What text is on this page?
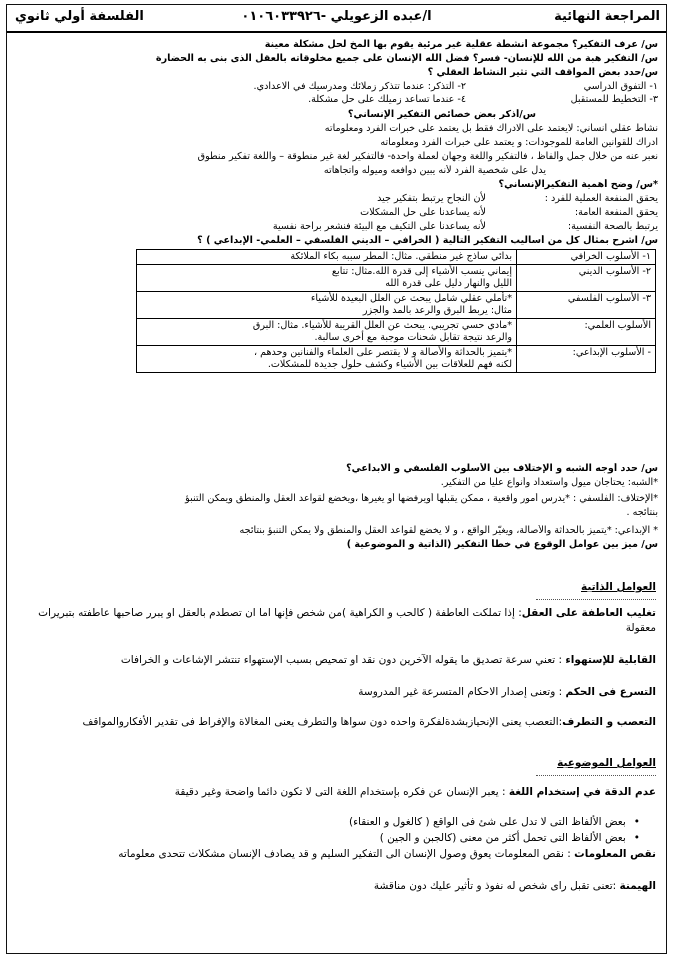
المراجعة النهائية
ا/عبده الزعويلي -٠١٠٦٠٣٣٩٢٦
الفلسفة أولي ثانوي
س/ عرف التفكير؟ مجموعة أنشطة عقلية غير مرئية يقوم بها المخ لحل مشكلة معينة
س/ التفكير هبة من الله للإنسان- فسر؟ فضل الله الإنسان على جميع مخلوقاته بالعقل الذى بنى به الحضارة
س/حدد بعض المواقف التي تثير النشاط العقلي ؟
١- التفوق الدراسي
٢- التذكر: عندما تتذكر زملائك ومدرسيك في الاعدادي.
٣- التخطيط للمستقبل
٤- عندما تساعد زميلك على حل مشكلة.
س/أذكر بعض خصائص التفكير الإنساني؟
نشاط عقلي انساني: لايعتمد على الادراك فقط بل يعتمد على خبرات الفرد ومعلوماته
ادراك للقوانين العامة للموجودات: و يعتمد على خبرات الفرد ومعلوماته
نعبر عنه من خلال جمل وألفاظ ، فالتفكير واللغة وجهان لعملة واحدة- فالتفكير لغة غير منطوقة – واللغة تفكير منطوق
يدل على شخصية الفرد لأنه يبين دوافعه وميوله واتجاهاته
*س/ وضح أهمية التفكيرالإنساني؟
يحقق المنفعة العملية للفرد :
لأن النجاح يرتبط بتفكير جيد
يحقق المنفعة العامة:
لأنه يساعدنا على حل المشكلات
يرتبط بالصحة النفسية:
لأنه يساعدنا على التكيف مع البيئة فنشعر براحة نفسية
س/ اشرح بمثال كل من أساليب التفكير التالية ( الخرافي – الديني الفلسفي – العلمي- الإبداعي ) ؟
١- الأسلوب الخرافي	بدائي ساذج غير منطقي. مثال: المطر سببه بكاء الملائكة
٢- الأسلوب الديني	إيماني ينسب الأشياء إلى قدرة الله.مثال: تتابع
الليل والنهار دليل على قدرة الله
٣- الأسلوب الفلسفي	*تأملي عقلي شامل يبحث عن العلل البعيدة للأشياء
مثال: يربط البرق والرعد بالمد والجزر
الأسلوب العلمي:	*مادي حسي تجريبي. يبحث عن العلل القريبة للأشياء. مثال: البرق
والرعد نتيجة تقابل شحنات موجبة مع أخرى سالبة.
- الأسلوب الإبداعي:	*يتميز بالحداثة والأصالة و لا يقتصر على العلماء والفنانين وحدهم ،
لكنه فهم للعلاقات بين الأشياء وكشف حلول جديدة للمشكلات.
س/ حدد أوجه الشبه و الإختلاف بين الأسلوب الفلسفي و الابداعي؟
*الشبه: يحتاجان ميول واستعداد وأنواع عليا من التفكير.
*الإختلاف: الفلسفي : *يدرس أمور واقعية ، ممكن يقبلها أويرفضها أو يغيرها ،ويخضع لقواعد العقل والمنطق ويمكن التنبؤ
بنتائجه .
* الإبداعي: *يتميز بالحداثة والأصالة، ويغيّر الواقع ، و لا يخضع لقواعد العقل والمنطق ولا يمكن التنبؤ بنتائجه
س/ ميز بين عوامل الوقوع في خطأ التفكير (الذاتية و الموضوعية )
العوامل الذاتية
تغليب العاطفة على العقل: إذا تملكت العاطفة ( كالحب و الكراهية )من شخص فإنها اما ان تصطدم بالعقل او يبرر صاحبها عاطفته بتبريرات معقولة
القابلية للإستهواء : تعني سرعة تصديق ما يقوله الآخرين دون نقد او تمحيص بسبب الإستهواء تنتشر الإشاعات و الخرافات
التسرع فى الحكم : وتعنى إصدار الاحكام المتسرعة غير المدروسة
التعصب و التطرف:التعصب يعنى الإنحيازبشدةلفكرة واحده دون سواها والتطرف يعنى المغالاة والإفراط فى تقدير الأفكاروالمواقف
العوامل الموضوعية
عدم الدقة في إستخدام اللغة : يعبر الإنسان عن فكره بإستخدام اللغة التى لا تكون دائما واضحة وغير دقيقة
• بعض الألفاظ التى لا تدل على شئ فى الواقع ( كالغول و العنقاء)
• بعض الألفاظ التى تحمل أكثر من معنى (كالجبن و الجين )
نقص المعلومات : نقص المعلومات يعوق وصول الإنسان الى التفكير السليم و قد يصادف الإنسان مشكلات تتحدى معلوماته
الهيمنة :تعنى تقبل راى شخص له نفوذ و تأثير عليك دون مناقشة
